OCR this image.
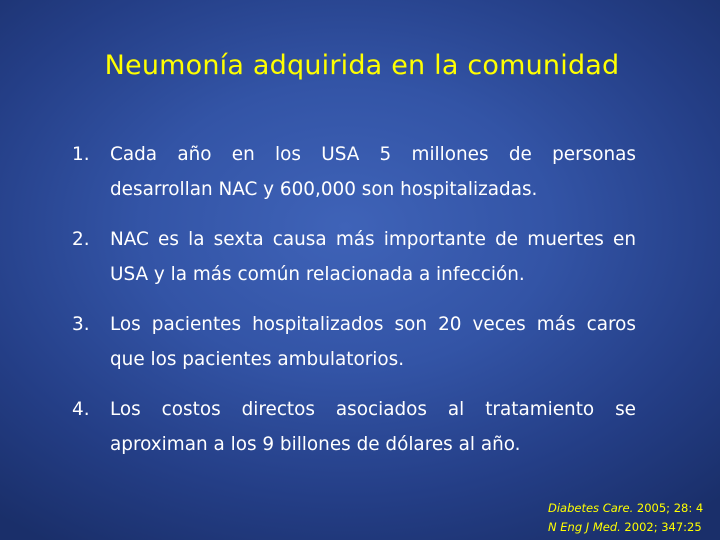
Neumonía adquirida en la comunidad
1. Cada año en los USA 5 millones de personas
desarrollan NAC y 600,000 son hospitalizadas.
2. NAC es la sexta causa más importante de muertes en
USA y la más común relacionada a infección.
3. Los pacientes hospitalizados son 20 veces más caros
que los pacientes ambulatorios.
4. Los costos directos asociados al tratamiento se
aproximan a los 9 billones de dólares al año.
Diabetes Care. 2005; 28: 4
N Eng J Med. 2002; 347:25
